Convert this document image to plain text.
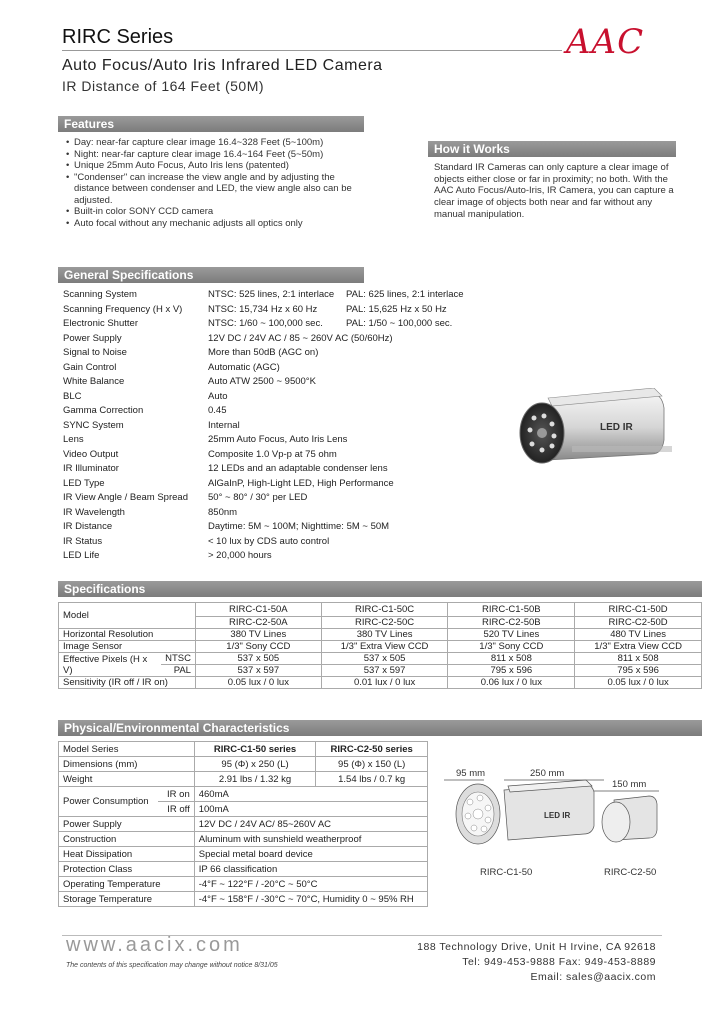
RIRC Series	AAC
Auto Focus/Auto Iris Infrared LED Camera
IR Distance of 164 Feet (50M)
Features
• Day: near-far capture clear image 16.4~328 Feet (5~100m)
• Night: near-far capture clear image 16.4~164 Feet (5~50m)
• Unique 25mm Auto Focus, Auto Iris lens (patented)
• "Condenser" can increase the view angle and by adjusting the distance between condenser and LED, the view angle also can be adjusted.
• Built-in color SONY CCD camera
• Auto focal without any mechanic adjusts all optics only
How it Works
Standard IR Cameras can only capture a clear image of objects either close or far in proximity; no both. With the AAC Auto Focus/Auto-Iris, IR Camera, you can capture a clear image of objects both near and far without any manual manipulation.
General Specifications
Scanning System	NTSC: 525 lines, 2:1 interlace	PAL: 625 lines, 2:1 interlace
Scanning Frequency (H x V)	NTSC: 15,734 Hz x 60 Hz	PAL: 15,625 Hz x 50 Hz
Electronic Shutter	NTSC: 1/60 ~ 100,000 sec.	PAL: 1/50 ~ 100,000 sec.
Power Supply	12V DC / 24V AC / 85 ~ 260V AC (50/60Hz)
Signal to Noise	More than 50dB (AGC on)
Gain Control	Automatic (AGC)
White Balance	Auto ATW 2500 ~ 9500°K
BLC	Auto
Gamma Correction	0.45
SYNC System	Internal
Lens	25mm Auto Focus, Auto Iris Lens
Video Output	Composite 1.0 Vp-p at 75 ohm
IR Illuminator	12 LEDs and an adaptable condenser lens
LED Type	AlGaInP, High-Light LED, High Performance
IR View Angle / Beam Spread	50° ~ 80° / 30° per LED
IR Wavelength	850nm
IR Distance	Daytime: 5M ~ 100M; Nighttime: 5M ~ 50M
IR Status	< 10 lux by CDS auto control
LED Life	> 20,000 hours
LED IR
Specifications
Model		RIRC-C1-50A	RIRC-C1-50C	RIRC-C1-50B	RIRC-C1-50D
		RIRC-C2-50A	RIRC-C2-50C	RIRC-C2-50B	RIRC-C2-50D
Horizontal Resolution		380 TV Lines	380 TV Lines	520 TV Lines	480 TV Lines
Image Sensor		1/3" Sony CCD	1/3" Extra View CCD	1/3" Sony CCD	1/3" Extra View CCD
Effective Pixels (H x V)	NTSC	537 x 505	537 x 505	811 x 508	811 x 508
	PAL	537 x 597	537 x 597	795 x 596	795 x 596
Sensitivity (IR off / IR on)		0.05 lux / 0 lux	0.01 lux / 0 lux	0.06 lux / 0 lux	0.05 lux / 0 lux
Physical/Environmental Characteristics
Model Series		RIRC-C1-50 series	RIRC-C2-50 series
Dimensions (mm)		95 (Φ) x 250 (L)	95 (Φ) x 150 (L)
Weight		2.91 lbs / 1.32 kg	1.54 lbs / 0.7 kg
Power Consumption	IR on	460mA	
	IR off	100mA	
Power Supply		12V DC / 24V AC/ 85~260V AC	
Construction		Aluminum with sunshield weatherproof	
Heat Dissipation		Special metal board device	
Protection Class		IP 66 classification	
Operating Temperature		-4°F ~ 122°F / -20°C ~ 50°C	
Storage Temperature		-4°F ~ 158°F / -30°C ~ 70°C, Humidity 0 ~ 95% RH	
95 mm	250 mm
150 mm
LED IR
RIRC-C1-50	RIRC-C2-50
www.aacix.com
The contents of this specification may change without notice 8/31/05
188 Technology Drive, Unit H Irvine, CA 92618
Tel: 949-453-9888 Fax: 949-453-8889
Email: sales@aacix.com
